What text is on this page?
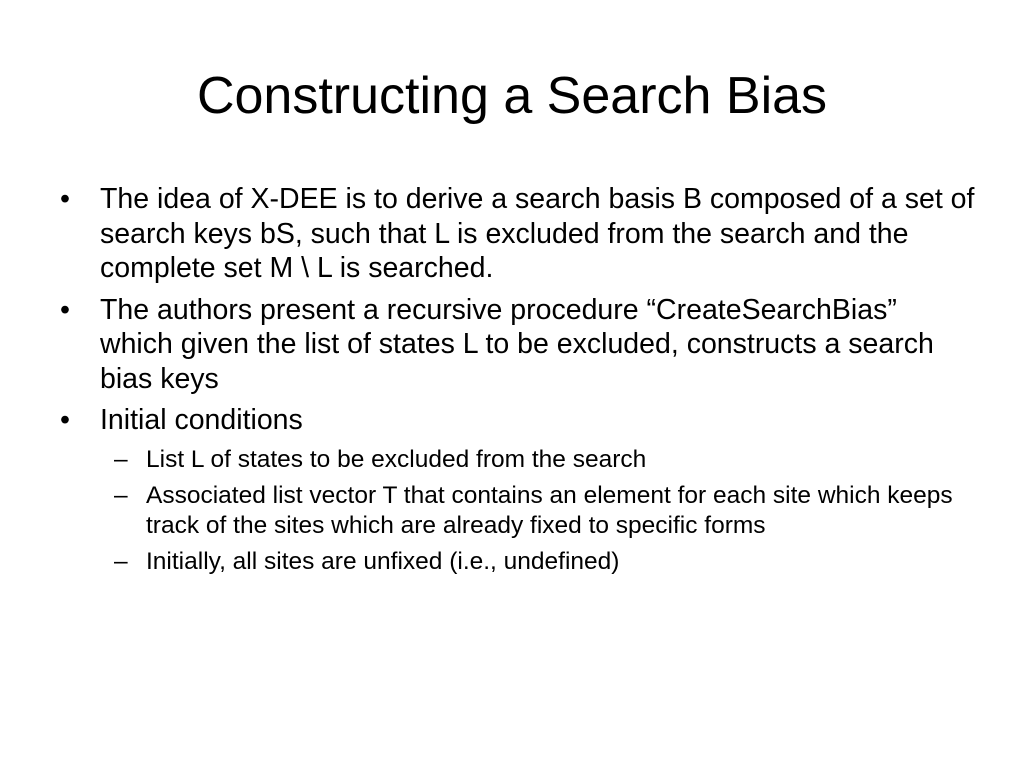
Constructing a Search Bias
• The idea of X-DEE is to derive a search basis B composed of a set of search keys bS, such that L is excluded from the search and the complete set M \ L is searched.
• The authors present a recursive procedure “CreateSearchBias” which given the list of states L to be excluded, constructs a search bias keys
• Initial conditions
– List L of states to be excluded from the search
– Associated list vector T that contains an element for each site which keeps track of the sites which are already fixed to specific forms
– Initially, all sites are unfixed (i.e., undefined)
